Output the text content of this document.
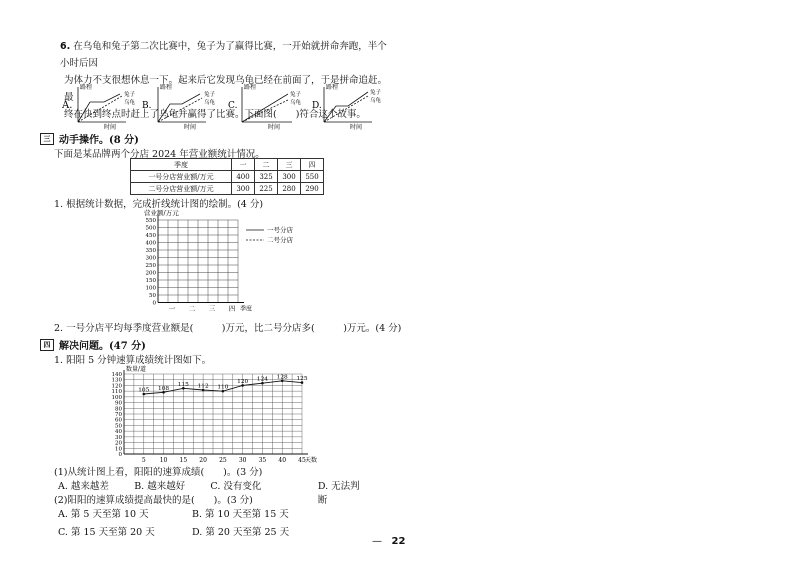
6. 在乌龟和兔子第二次比赛中，兔子为了赢得比赛，一开始就拼命奔跑，半个小时后因
为体力不支很想休息一下。起来后它发现乌龟已经在前面了，于是拼命追赶。最
终在快到终点时赶上了乌龟并赢得了比赛。下面图(　　)符合这个故事。
A.
路程
时间
兔子
乌龟 B.
路程
时间
兔子
乌龟 C.
路程
时间
兔子
乌龟 D.
路程
时间
兔子
乌龟
三 动手操作。(8 分)
下面是某品牌两个分店 2024 年营业额统计情况。
季度	一	二	三	四
一号分店营业额/万元	400	325	300	550
二号分店营业额/万元	300	225	280	290
1. 根据统计数据，完成折线统计图的绘制。(4 分)
营业额/万元
550
500
450
400
350
300
250
200
150
100
50
0
一 二 三 四 季度
一号分店
二号分店
2. 一号分店平均每季度营业额是(　　　)万元，比二号分店多(　　　)万元。(4 分)
四 解决问题。(47 分)
1. 阳阳 5 分钟速算成绩统计图如下。
数量/道
140
130
120
110
100
90
80
70
60
50
40
30
20
10
0
5 10 15 20 25 30 35 40 45 天数
105 108
115 112 110
120 124 128 125
(1)从统计图上看，阳阳的速算成绩(　　)。(3 分)
A. 越来越差	B. 越来越好	C. 没有变化	D. 无法判断
(2)阳阳的速算成绩提高最快的是(　　)。(3 分)
A. 第 5 天至第 10 天	B. 第 10 天至第 15 天
C. 第 15 天至第 20 天	D. 第 20 天至第 25 天
— 22
